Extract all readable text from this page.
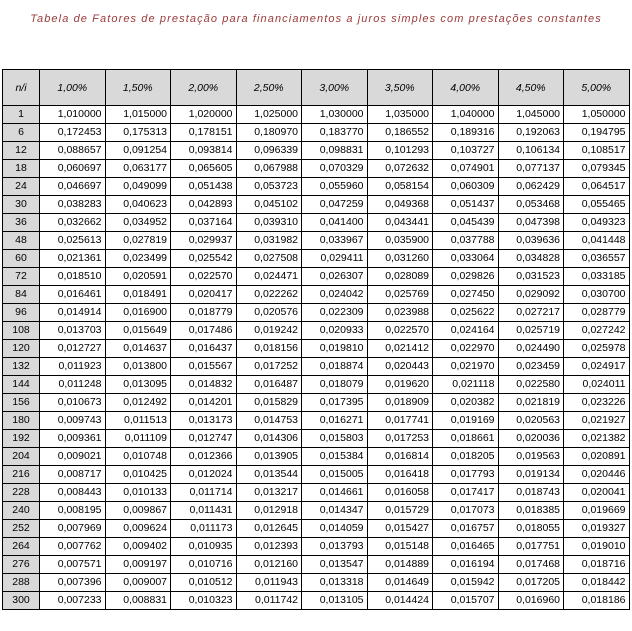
Tabela de Fatores de prestação para financiamentos a juros simples com prestações constantes
n/i	1,00%	1,50%	2,00%	2,50%	3,00%	3,50%	4,00%	4,50%	5,00%
1	1,010000	1,015000	1,020000	1,025000	1,030000	1,035000	1,040000	1,045000	1,050000
6	0,172453	0,175313	0,178151	0,180970	0,183770	0,186552	0,189316	0,192063	0,194795
12	0,088657	0,091254	0,093814	0,096339	0,098831	0,101293	0,103727	0,106134	0,108517
18	0,060697	0,063177	0,065605	0,067988	0,070329	0,072632	0,074901	0,077137	0,079345
24	0,046697	0,049099	0,051438	0,053723	0,055960	0,058154	0,060309	0,062429	0,064517
30	0,038283	0,040623	0,042893	0,045102	0,047259	0,049368	0,051437	0,053468	0,055465
36	0,032662	0,034952	0,037164	0,039310	0,041400	0,043441	0,045439	0,047398	0,049323
48	0,025613	0,027819	0,029937	0,031982	0,033967	0,035900	0,037788	0,039636	0,041448
60	0,021361	0,023499	0,025542	0,027508	0,029411	0,031260	0,033064	0,034828	0,036557
72	0,018510	0,020591	0,022570	0,024471	0,026307	0,028089	0,029826	0,031523	0,033185
84	0,016461	0,018491	0,020417	0,022262	0,024042	0,025769	0,027450	0,029092	0,030700
96	0,014914	0,016900	0,018779	0,020576	0,022309	0,023988	0,025622	0,027217	0,028779
108	0,013703	0,015649	0,017486	0,019242	0,020933	0,022570	0,024164	0,025719	0,027242
120	0,012727	0,014637	0,016437	0,018156	0,019810	0,021412	0,022970	0,024490	0,025978
132	0,011923	0,013800	0,015567	0,017252	0,018874	0,020443	0,021970	0,023459	0,024917
144	0,011248	0,013095	0,014832	0,016487	0,018079	0,019620	0,021118	0,022580	0,024011
156	0,010673	0,012492	0,014201	0,015829	0,017395	0,018909	0,020382	0,021819	0,023226
180	0,009743	0,011513	0,013173	0,014753	0,016271	0,017741	0,019169	0,020563	0,021927
192	0,009361	0,011109	0,012747	0,014306	0,015803	0,017253	0,018661	0,020036	0,021382
204	0,009021	0,010748	0,012366	0,013905	0,015384	0,016814	0,018205	0,019563	0,020891
216	0,008717	0,010425	0,012024	0,013544	0,015005	0,016418	0,017793	0,019134	0,020446
228	0,008443	0,010133	0,011714	0,013217	0,014661	0,016058	0,017417	0,018743	0,020041
240	0,008195	0,009867	0,011431	0,012918	0,014347	0,015729	0,017073	0,018385	0,019669
252	0,007969	0,009624	0,011173	0,012645	0,014059	0,015427	0,016757	0,018055	0,019327
264	0,007762	0,009402	0,010935	0,012393	0,013793	0,015148	0,016465	0,017751	0,019010
276	0,007571	0,009197	0,010716	0,012160	0,013547	0,014889	0,016194	0,017468	0,018716
288	0,007396	0,009007	0,010512	0,011943	0,013318	0,014649	0,015942	0,017205	0,018442
300	0,007233	0,008831	0,010323	0,011742	0,013105	0,014424	0,015707	0,016960	0,018186
